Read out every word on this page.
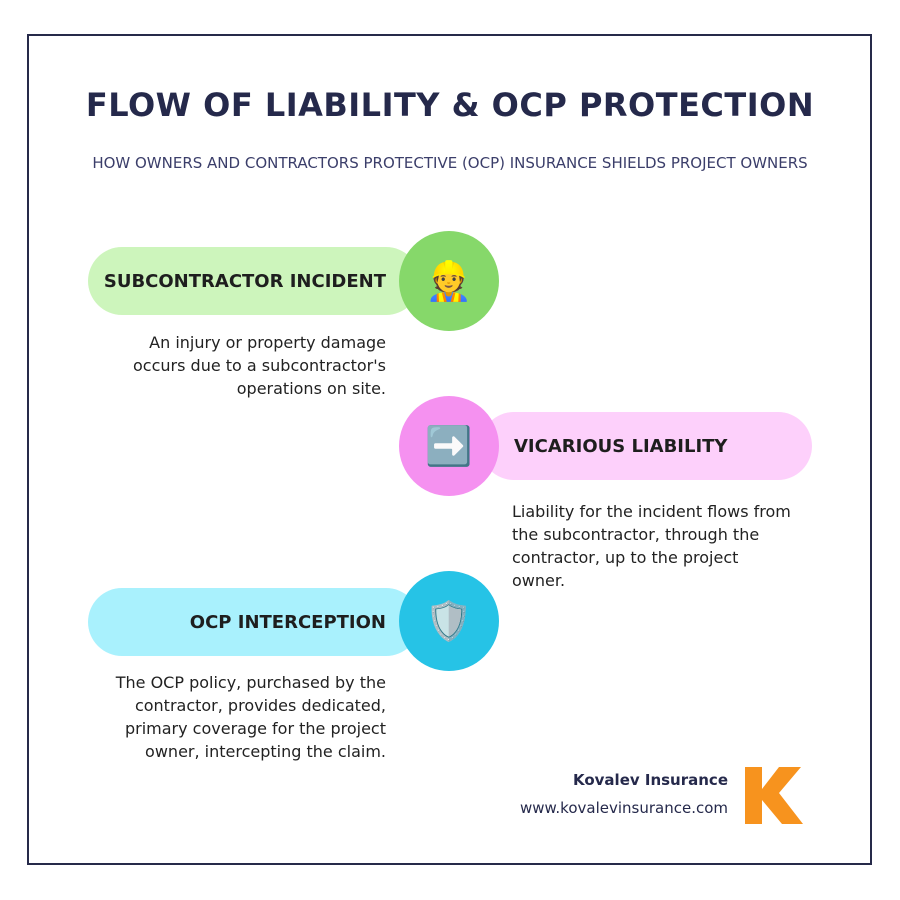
FLOW OF LIABILITY & OCP PROTECTION
HOW OWNERS AND CONTRACTORS PROTECTIVE (OCP) INSURANCE SHIELDS PROJECT OWNERS
SUBCONTRACTOR INCIDENT	👷
An injury or property damage occurs due to a subcontractor's operations on site.
VICARIOUS LIABILITY
➡️
Liability for the incident flows from the subcontractor, through the contractor, up to the project owner.
OCP INTERCEPTION	🛡️
The OCP policy, purchased by the contractor, provides dedicated, primary coverage for the project owner, intercepting the claim.
Kovalev Insurance
www.kovalevinsurance.com
